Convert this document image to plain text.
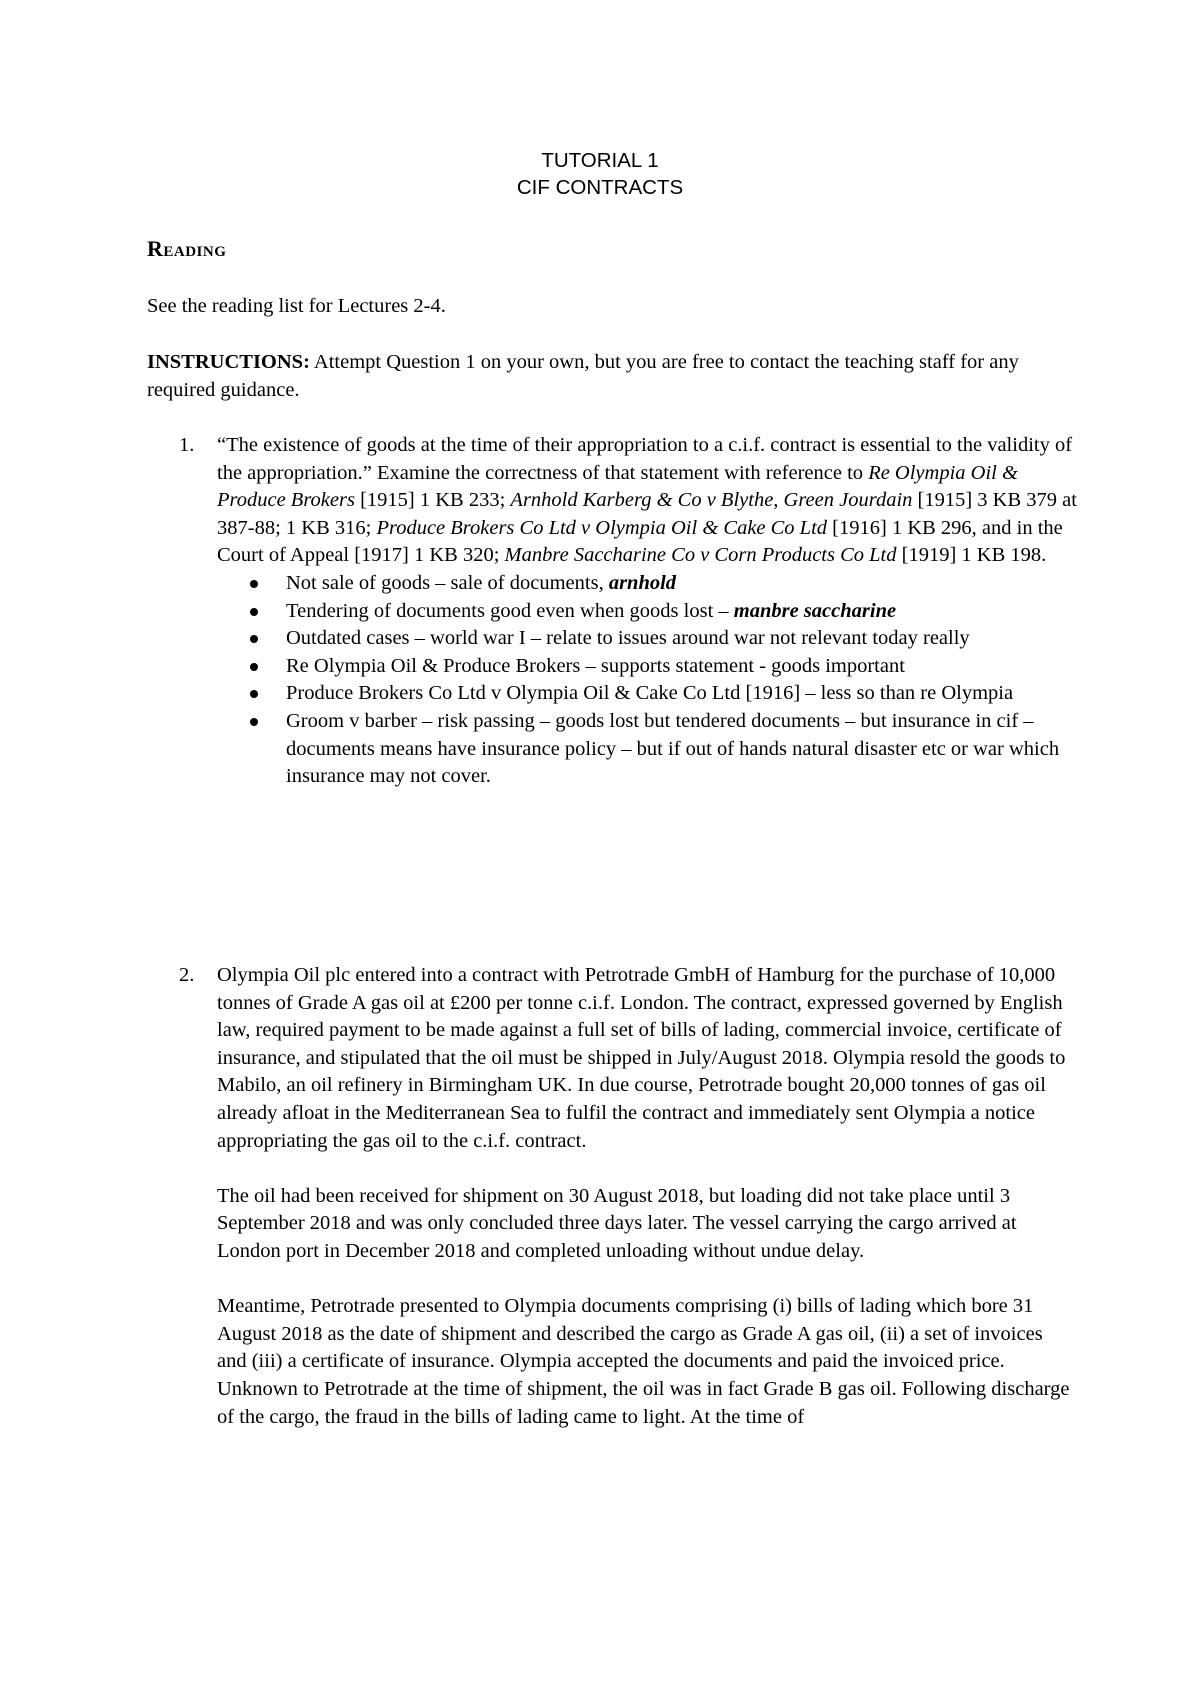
TUTORIAL 1
CIF CONTRACTS
Reading

See the reading list for Lectures 2-4.

INSTRUCTIONS: Attempt Question 1 on your own, but you are free to contact the teaching staff for any required guidance.

1. “The existence of goods at the time of their appropriation to a c.i.f. contract is essential to the validity of the appropriation.” Examine the correctness of that statement with reference to Re Olympia Oil & Produce Brokers [1915] 1 KB 233; Arnhold Karberg & Co v Blythe, Green Jourdain [1915] 3 KB 379 at 387-88; 1 KB 316; Produce Brokers Co Ltd v Olympia Oil & Cake Co Ltd [1916] 1 KB 296, and in the Court of Appeal [1917] 1 KB 320; Manbre Saccharine Co v Corn Products Co Ltd [1919] 1 KB 198.

Not sale of goods – sale of documents, arnhold
Tendering of documents good even when goods lost – manbre saccharine
Outdated cases – world war I – relate to issues around war not relevant today really
Re Olympia Oil & Produce Brokers – supports statement - goods important
Produce Brokers Co Ltd v Olympia Oil & Cake Co Ltd [1916] – less so than re Olympia
Groom v barber – risk passing – goods lost but tendered documents – but insurance in cif – documents means have insurance policy – but if out of hands natural disaster etc or war which insurance may not cover.
2. Olympia Oil plc entered into a contract with Petrotrade GmbH of Hamburg for the purchase of 10,000 tonnes of Grade A gas oil at £200 per tonne c.i.f. London. The contract, expressed governed by English law, required payment to be made against a full set of bills of lading, commercial invoice, certificate of insurance, and stipulated that the oil must be shipped in July/August 2018. Olympia resold the goods to Mabilo, an oil refinery in Birmingham UK. In due course, Petrotrade bought 20,000 tonnes of gas oil already afloat in the Mediterranean Sea to fulfil the contract and immediately sent Olympia a notice appropriating the gas oil to the c.i.f. contract.

The oil had been received for shipment on 30 August 2018, but loading did not take place until 3 September 2018 and was only concluded three days later. The vessel carrying the cargo arrived at London port in December 2018 and completed unloading without undue delay.

Meantime, Petrotrade presented to Olympia documents comprising (i) bills of lading which bore 31 August 2018 as the date of shipment and described the cargo as Grade A gas oil, (ii) a set of invoices and (iii) a certificate of insurance. Olympia accepted the documents and paid the invoiced price. Unknown to Petrotrade at the time of shipment, the oil was in fact Grade B gas oil. Following discharge of the cargo, the fraud in the bills of lading came to light. At the time of
